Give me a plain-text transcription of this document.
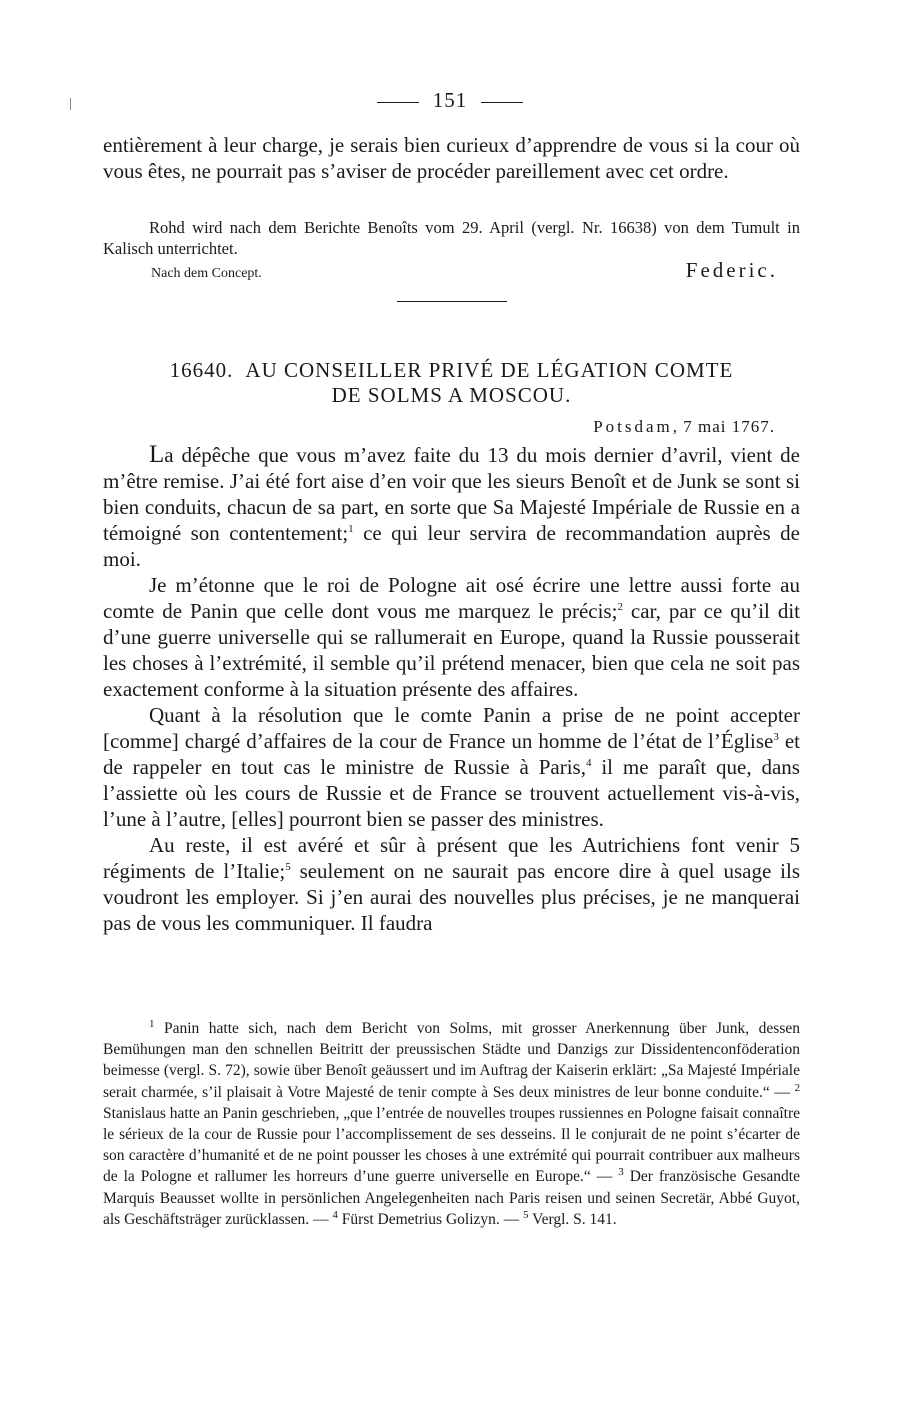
151
entièrement à leur charge, je serais bien curieux d’apprendre de vous si la cour où vous êtes, ne pourrait pas s’aviser de procéder pareillement avec cet ordre.
Rohd wird nach dem Berichte Benoîts vom 29. April (vergl. Nr. 16638) von dem Tumult in Kalisch unterrichtet.
Nach dem Concept.	Federic.
16640. AU CONSEILLER PRIVÉ DE LÉGATION COMTE
DE SOLMS A MOSCOU.
Potsdam, 7 mai 1767.

La dépêche que vous m’avez faite du 13 du mois dernier d’avril, vient de m’être remise. J’ai été fort aise d’en voir que les sieurs Benoît et de Junk se sont si bien conduits, chacun de sa part, en sorte que Sa Majesté Impériale de Russie en a témoigné son contentement;$^1$ ce qui leur servira de recommandation auprès de moi.

Je m’étonne que le roi de Pologne ait osé écrire une lettre aussi forte au comte de Panin que celle dont vous me marquez le précis;$^2$ car, par ce qu’il dit d’une guerre universelle qui se rallumerait en Europe, quand la Russie pousserait les choses à l’extrémité, il semble qu’il prétend menacer, bien que cela ne soit pas exactement conforme à la situation présente des affaires.

Quant à la résolution que le comte Panin a prise de ne point accepter [comme] chargé d’affaires de la cour de France un homme de l’état de l’Église$^3$ et de rappeler en tout cas le ministre de Russie à Paris,$^4$ il me paraît que, dans l’assiette où les cours de Russie et de France se trouvent actuellement vis-à-vis, l’une à l’autre, [elles] pourront bien se passer des ministres.

Au reste, il est avéré et sûr à présent que les Autrichiens font venir 5 régiments de l’Italie;$^5$ seulement on ne saurait pas encore dire à quel usage ils voudront les employer. Si j’en aurai des nouvelles plus précises, je ne manquerai pas de vous les communiquer. Il faudra

$^1$ Panin hatte sich, nach dem Bericht von Solms, mit grosser Anerkennung über Junk, dessen Bemühungen man den schnellen Beitritt der preussischen Städte und Danzigs zur Dissidentenconföderation beimesse (vergl. S. 72), sowie über Benoît geäussert und im Auftrag der Kaiserin erklärt: „Sa Majesté Impériale serait charmée, s’il plaisait à Votre Majesté de tenir compte à Ses deux ministres de leur bonne conduite.“ — $^2$ Stanislaus hatte an Panin geschrieben, „que l’entrée de nouvelles troupes russiennes en Pologne faisait connaître le sérieux de la cour de Russie pour l’accomplissement de ses desseins. Il le conjurait de ne point s’écarter de son caractère d’humanité et de ne point pousser les choses à une extrémité qui pourrait contribuer aux malheurs de la Pologne et rallumer les horreurs d’une guerre universelle en Europe.“ — $^3$ Der französische Gesandte Marquis Beausset wollte in persönlichen Angelegenheiten nach Paris reisen und seinen Secretär, Abbé Guyot, als Geschäftsträger zurücklassen. — $^4$ Fürst Demetrius Golizyn. — $^5$ Vergl. S. 141.
